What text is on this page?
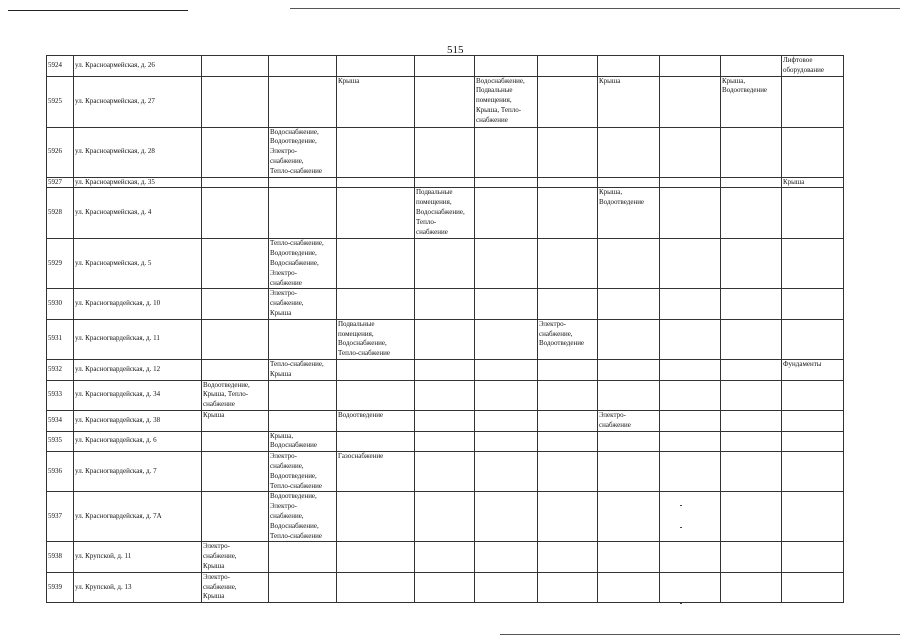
515
5924	ул. Красноармейская, д. 26										Лифтовое
оборудование

5925	ул. Красноармейская, д. 27			Крыша		Водоснабжение,
Подвальные
помещения,
Крыша, Тепло-
снабжение		Крыша		Крыша,
Водоотведение	

5926	ул. Красноармейская, д. 28		Водоснабжение,
Водоотведение,
Электро-
снабжение,
Тепло-снабжение								

5927	ул. Красноармейская, д. 35										Крыша

5928	ул. Красноармейская, д. 4				Подвальные
помещения,
Водоснабжение,
Тепло-
снабжение			Крыша,
Водоотведение			

5929	ул. Красноармейская, д. 5		Тепло-снабжение,
Водоотведение,
Водоснабжение,
Электро-
снабжение								

5930	ул. Красногвардейская, д. 10		Электро-
снабжение,
Крыша								

5931	ул. Красногвардейская, д. 11			Подвальные
помещения,
Водоснабжение,
Тепло-снабжение			Электро-
снабжение,
Водоотведение				

5932	ул. Красногвардейская, д. 12		Тепло-снабжение,
Крыша								Фундаменты

5933	ул. Красногвардейская, д. 34	Водоотведение,
Крыша, Тепло-
снабжение									

5934	ул. Красногвардейская, д. 38	Крыша		Водоотведение				Электро-
снабжение			

5935	ул. Красногвардейская, д. 6		Крыша,
Водоснабжение								

5936	ул. Красногвардейская, д. 7		Электро-
снабжение,
Водоотведение,
Тепло-снабжение	Газоснабжение							

5937	ул. Красногвардейская, д. 7А		Водоотведение,
Электро-
снабжение,
Водоснабжение,
Тепло-снабжение								

5938	ул. Крупской, д. 11	Электро-
снабжение,
Крыша									

5939	ул. Крупской, д. 13	Электро-
снабжение,
Крыша									
